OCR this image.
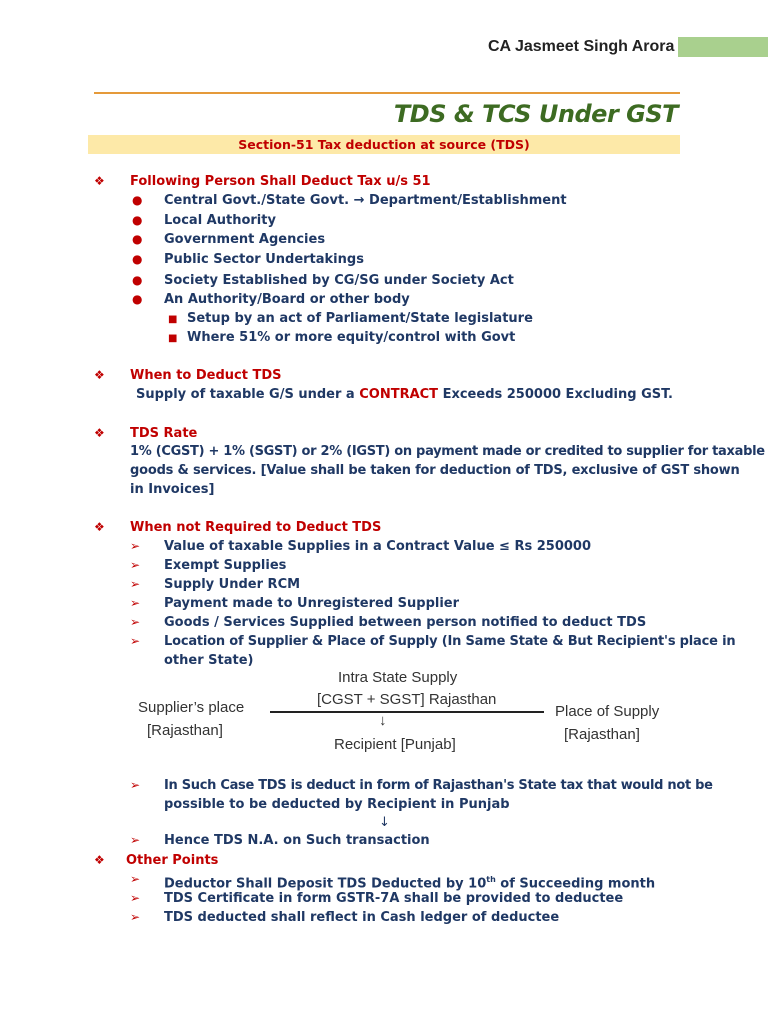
CA Jasmeet Singh Arora
TDS & TCS Under GST
Section-51 Tax deduction at source (TDS)
❖ Following Person Shall Deduct Tax u/s 51
● Central Govt./State Govt. → Department/Establishment
● Local Authority
● Government Agencies
● Public Sector Undertakings
● Society Established by CG/SG under Society Act
● An Authority/Board or other body
■ Setup by an act of Parliament/State legislature
■ Where 51% or more equity/control with Govt
❖ When to Deduct TDS
Supply of taxable G/S under a CONTRACT Exceeds 250000 Excluding GST.
❖ TDS Rate
1% (CGST) + 1% (SGST) or 2% (IGST) on payment made or credited to supplier for taxable
goods & services. [Value shall be taken for deduction of TDS, exclusive of GST shown
in Invoices]
❖ When not Required to Deduct TDS
➢ Value of taxable Supplies in a Contract Value ≤ Rs 250000
➢ Exempt Supplies
➢ Supply Under RCM
➢ Payment made to Unregistered Supplier
➢ Goods / Services Supplied between person notified to deduct TDS
➢ Location of Supplier & Place of Supply (In Same State & But Recipient's place in
other State)
Intra State Supply
[CGST + SGST] Rajasthan
↓
Recipient [Punjab]
Supplier’s place
[Rajasthan]
Place of Supply
[Rajasthan]
➢ In Such Case TDS is deduct in form of Rajasthan's State tax that would not be
possible to be deducted by Recipient in Punjab
↓
➢ Hence TDS N.A. on Such transaction
❖ Other Points
➢ Deductor Shall Deposit TDS Deducted by 10th of Succeeding month
➢ TDS Certificate in form GSTR-7A shall be provided to deductee
➢ TDS deducted shall reflect in Cash ledger of deductee
